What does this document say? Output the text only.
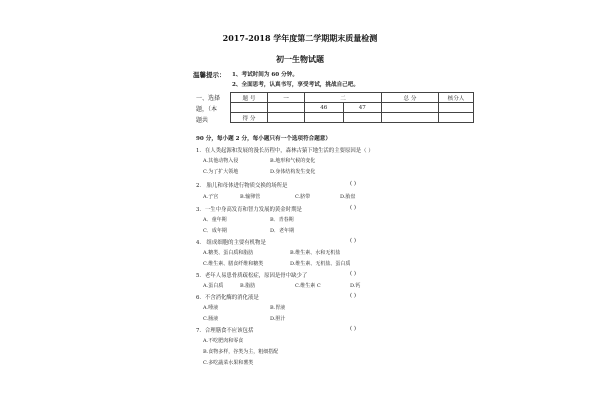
2017-2018 学年度第二学期期末质量检测
初一生物试题
温馨提示： 1、考试时间为 60 分钟。
2、全面思考，认真书写，享受考试，挑战自己吧。
一、选择
题，（本
题共
题 号	一	二		总 分	核分人
		46	47		
得 分					
90 分，每小题 2 分，每小题只有一个选项符合题意）
1．在人类起源和发展的漫长历程中，森林古猿下地生活的主要原因是（ ）
A.其他动物入侵	B.地形和气候的变化
C.为了扩大领地	D.身体结构发生变化
2． 胎儿和母体进行物质交换的场所是	( )
A.子宫	B.输卵管	C.脐带	D.胎盘
3．一生中身高发育和智力发展的黄金时期是	( )
A．童年期	B．青春期
C．成年期	D．老年期
4． 组成细胞的主要有机物是	( )
A.糖类、蛋白质和脂肪	B.维生素、水和无机盐
C.维生素、膳食纤维和糖类	D.维生素、无机盐、蛋白质
5．老年人易患骨质疏松症，原因是骨中缺少了	( )
A.蛋白质	B.脂肪	C.维生素 C	D.钙
6．不含消化酶的消化液是	( )
A.唾液	B.胃液
C.肠液	D.胆汁
7．合理膳食不应该包括	( )
A.不吃肥肉和零食
B.食物多样，谷类为主，粗细搭配
C.多吃蔬菜水果和薯类
